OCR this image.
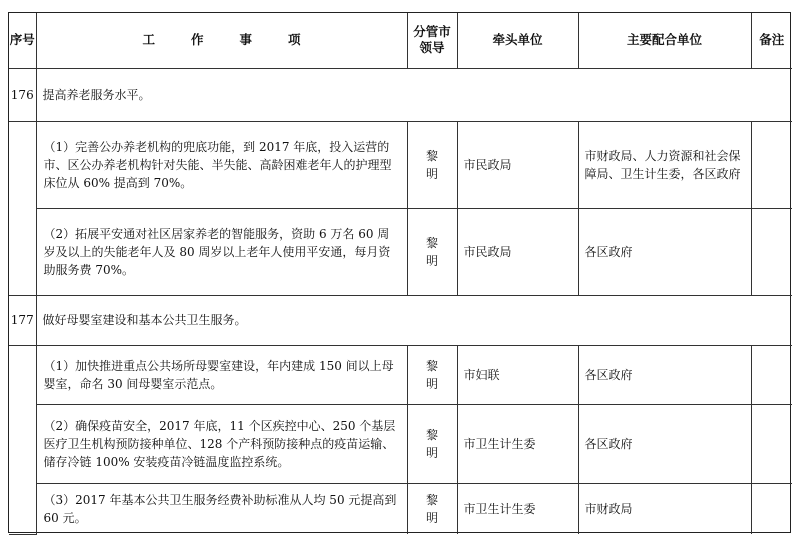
序号	工作事项	分管市领导	牵头单位	主要配合单位	备注
176	提高养老服务水平。				
	（1）完善公办养老机构的兜底功能，到 2017 年底，投入运营的市、区公办养老机构针对失能、半失能、高龄困难老年人的护理型床位从 60% 提高到 70%。	黎明	市民政局	市财政局、人力资源和社会保障局、卫生计生委，各区政府	
	（2）拓展平安通对社区居家养老的智能服务，资助 6 万名 60 周岁及以上的失能老年人及 80 周岁以上老年人使用平安通，每月资助服务费 70%。	黎明	市民政局	各区政府	
177	做好母婴室建设和基本公共卫生服务。				
	（1）加快推进重点公共场所母婴室建设，年内建成 150 间以上母婴室，命名 30 间母婴室示范点。	黎明	市妇联	各区政府	
	（2）确保疫苗安全，2017 年底，11 个区疾控中心、250 个基层医疗卫生机构预防接种单位、128 个产科预防接种点的疫苗运输、储存冷链 100% 安装疫苗冷链温度监控系统。	黎明	市卫生计生委	各区政府	
	（3）2017 年基本公共卫生服务经费补助标准从人均 50 元提高到 60 元。	黎明	市卫生计生委	市财政局	
